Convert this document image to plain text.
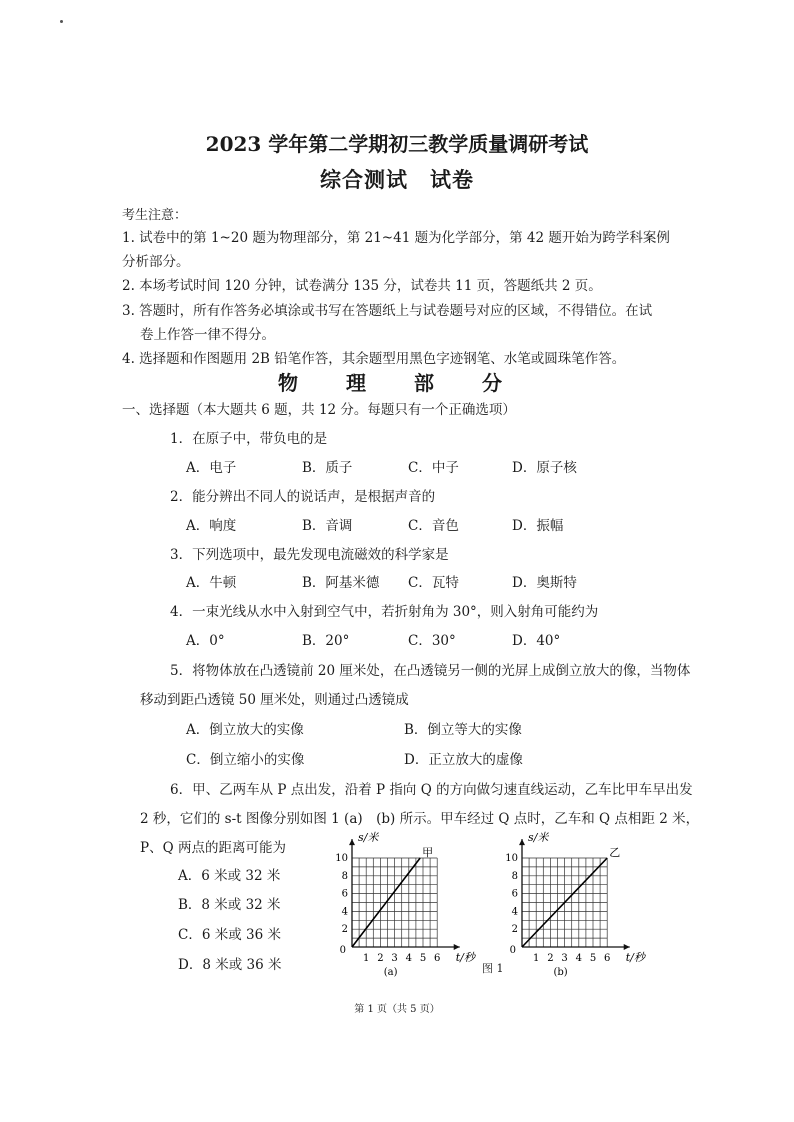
2023 学年第二学期初三教学质量调研考试
综合测试　试卷
考生注意：
1. 试卷中的第 1~20 题为物理部分，第 21~41 题为化学部分，第 42 题开始为跨学科案例
分析部分。
2. 本场考试时间 120 分钟，试卷满分 135 分，试卷共 11 页，答题纸共 2 页。
3. 答题时，所有作答务必填涂或书写在答题纸上与试卷题号对应的区域，不得错位。在试
卷上作答一律不得分。
4. 选择题和作图题用 2B 铅笔作答，其余题型用黑色字迹钢笔、水笔或圆珠笔作答。
物　理　部　分
一、选择题（本大题共 6 题，共 12 分。每题只有一个正确选项）
1．在原子中，带负电的是
A．电子	B．质子	C．中子	D．原子核
2．能分辨出不同人的说话声，是根据声音的
A．响度	B．音调	C．音色	D．振幅
3．下列选项中，最先发现电流磁效的科学家是
A．牛顿	B．阿基米德 C．瓦特	D．奥斯特
4．一束光线从水中入射到空气中，若折射角为 30°，则入射角可能约为
A．0°	B．20°	C．30°	D．40°
5．将物体放在凸透镜前 20 厘米处，在凸透镜另一侧的光屏上成倒立放大的像，当物体
移动到距凸透镜 50 厘米处，则通过凸透镜成
A．倒立放大的实像	B．倒立等大的实像
C．倒立缩小的实像	D．正立放大的虚像
6．甲、乙两车从 P 点出发，沿着 P 指向 Q 的方向做匀速直线运动，乙车比甲车早出发
2 秒，它们的 s-t 图像分别如图 1 (a)　(b) 所示。甲车经过 Q 点时，乙车和 Q 点相距 2 米，
P、Q 两点的距离可能为
A．6 米或 32 米
B．8 米或 32 米
C．6 米或 36 米
D．8 米或 36 米	1 2 3 4 5 6
2
4
6
8
10
0
s/米
t/秒
甲
(a)
1 2 3 4 5 6
2
4
6
8
10
0
s/米
t/秒
乙
(b)
图 1
第 1 页（共 5 页）
